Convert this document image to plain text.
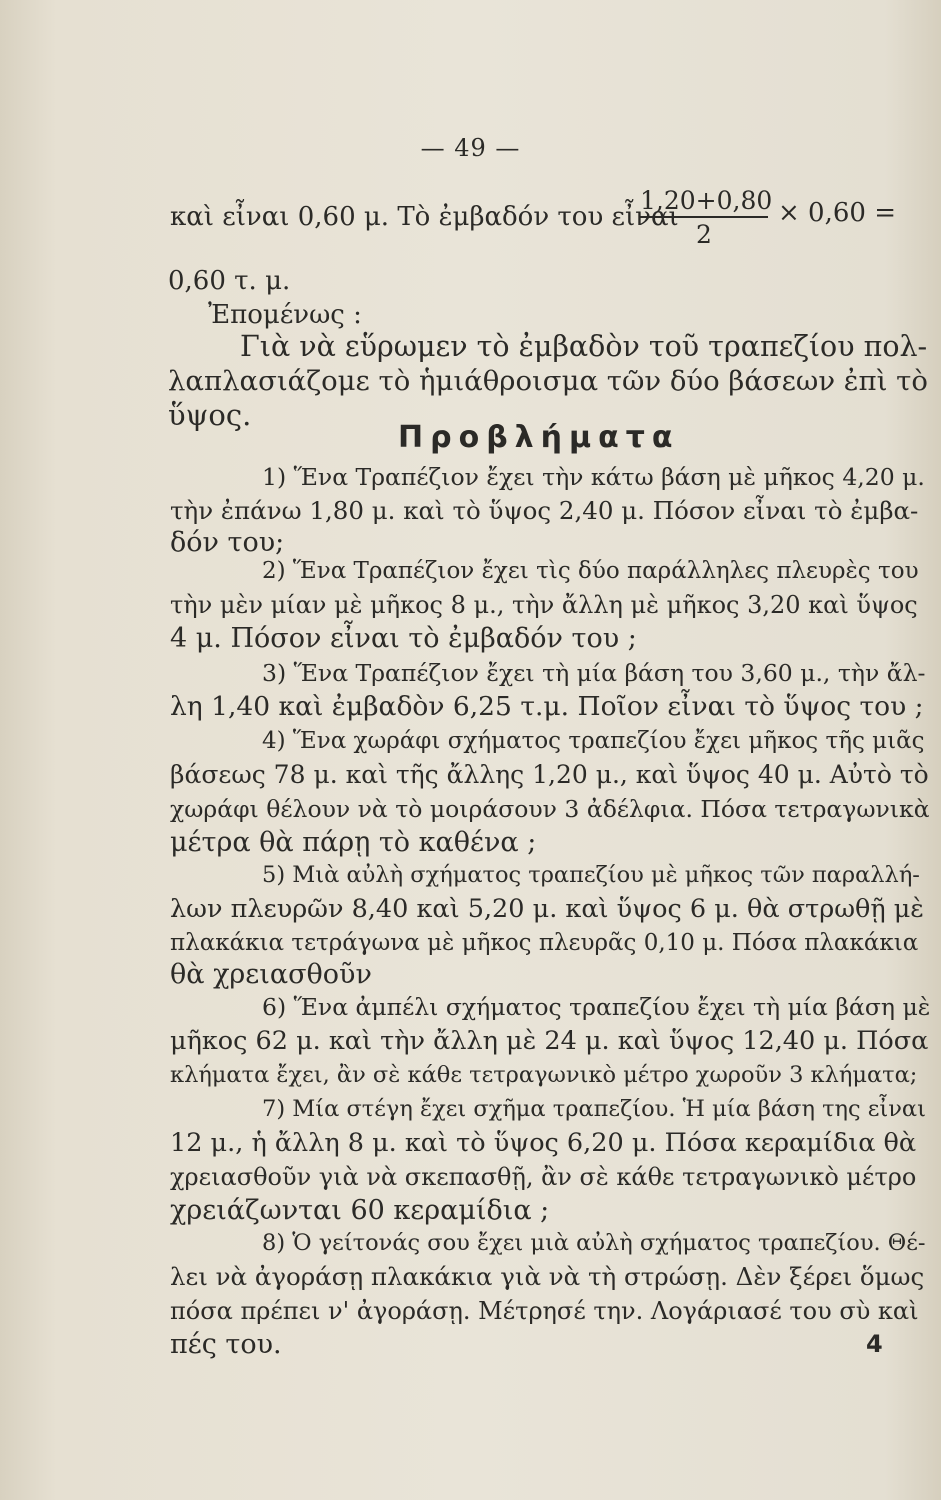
— 49 —
καὶ εἶναι 0,60 μ. Τὸ ἐμβαδόν του εἶναι
$\frac{1,20+0,80}{2} \times 0,60$ =
0,60 τ. μ.
Ἐπομένως :
Γιὰ νὰ εὕρωμεν τὸ ἐμβαδὸν τοῦ τραπεζίου πολ-
λαπλασιάζομε τὸ ἡμιάθροισμα τῶν δύο βάσεων ἐπὶ τὸ
ὕψος.
Προβλήματα
1) Ἕνα Τραπέζιον ἔχει τὴν κάτω βάση μὲ μῆκος 4,20 μ.
τὴν ἐπάνω 1,80 μ. καὶ τὸ ὕψος 2,40 μ. Πόσον εἶναι τὸ ἐμβα-
δόν του;
2) Ἕνα Τραπέζιον ἔχει τὶς δύο παράλληλες πλευρὲς του
τὴν μὲν μίαν μὲ μῆκος 8 μ., τὴν ἄλλη μὲ μῆκος 3,20 καὶ ὕψος
4 μ. Πόσον εἶναι τὸ ἐμβαδόν του ;
3) Ἕνα Τραπέζιον ἔχει τὴ μία βάση του 3,60 μ., τὴν ἄλ-
λη 1,40 καὶ ἐμβαδὸν 6,25 τ.μ. Ποῖον εἶναι τὸ ὕψος του ;
4) Ἕνα χωράφι σχήματος τραπεζίου ἔχει μῆκος τῆς μιᾶς
βάσεως 78 μ. καὶ τῆς ἄλλης 1,20 μ., καὶ ὕψος 40 μ. Αὐτὸ τὸ
χωράφι θέλουν νὰ τὸ μοιράσουν 3 ἀδέλφια. Πόσα τετραγωνικὰ
μέτρα θὰ πάρῃ τὸ καθένα ;
5) Μιὰ αὐλὴ σχήματος τραπεζίου μὲ μῆκος τῶν παραλλή-
λων πλευρῶν 8,40 καὶ 5,20 μ. καὶ ὕψος 6 μ. θὰ στρωθῇ μὲ
πλακάκια τετράγωνα μὲ μῆκος πλευρᾶς 0,10 μ. Πόσα πλακάκια
θὰ χρειασθοῦν
6) Ἕνα ἀμπέλι σχήματος τραπεζίου ἔχει τὴ μία βάση μὲ
μῆκος 62 μ. καὶ τὴν ἄλλη μὲ 24 μ. καὶ ὕψος 12,40 μ. Πόσα
κλήματα ἔχει, ἂν σὲ κάθε τετραγωνικὸ μέτρο χωροῦν 3 κλήματα;
7) Μία στέγη ἔχει σχῆμα τραπεζίου. Ἡ μία βάση της εἶναι
12 μ., ἡ ἄλλη 8 μ. καὶ τὸ ὕψος 6,20 μ. Πόσα κεραμίδια θὰ
χρειασθοῦν γιὰ νὰ σκεπασθῇ, ἂν σὲ κάθε τετραγωνικὸ μέτρο
χρειάζωνται 60 κεραμίδια ;
8) Ὁ γείτονάς σου ἔχει μιὰ αὐλὴ σχήματος τραπεζίου. Θέ-
λει νὰ ἀγοράσῃ πλακάκια γιὰ νὰ τὴ στρώσῃ. Δὲν ξέρει ὅμως
πόσα πρέπει ν' ἀγοράσῃ. Μέτρησέ την. Λογάριασέ του σὺ καὶ
πές του.	4
